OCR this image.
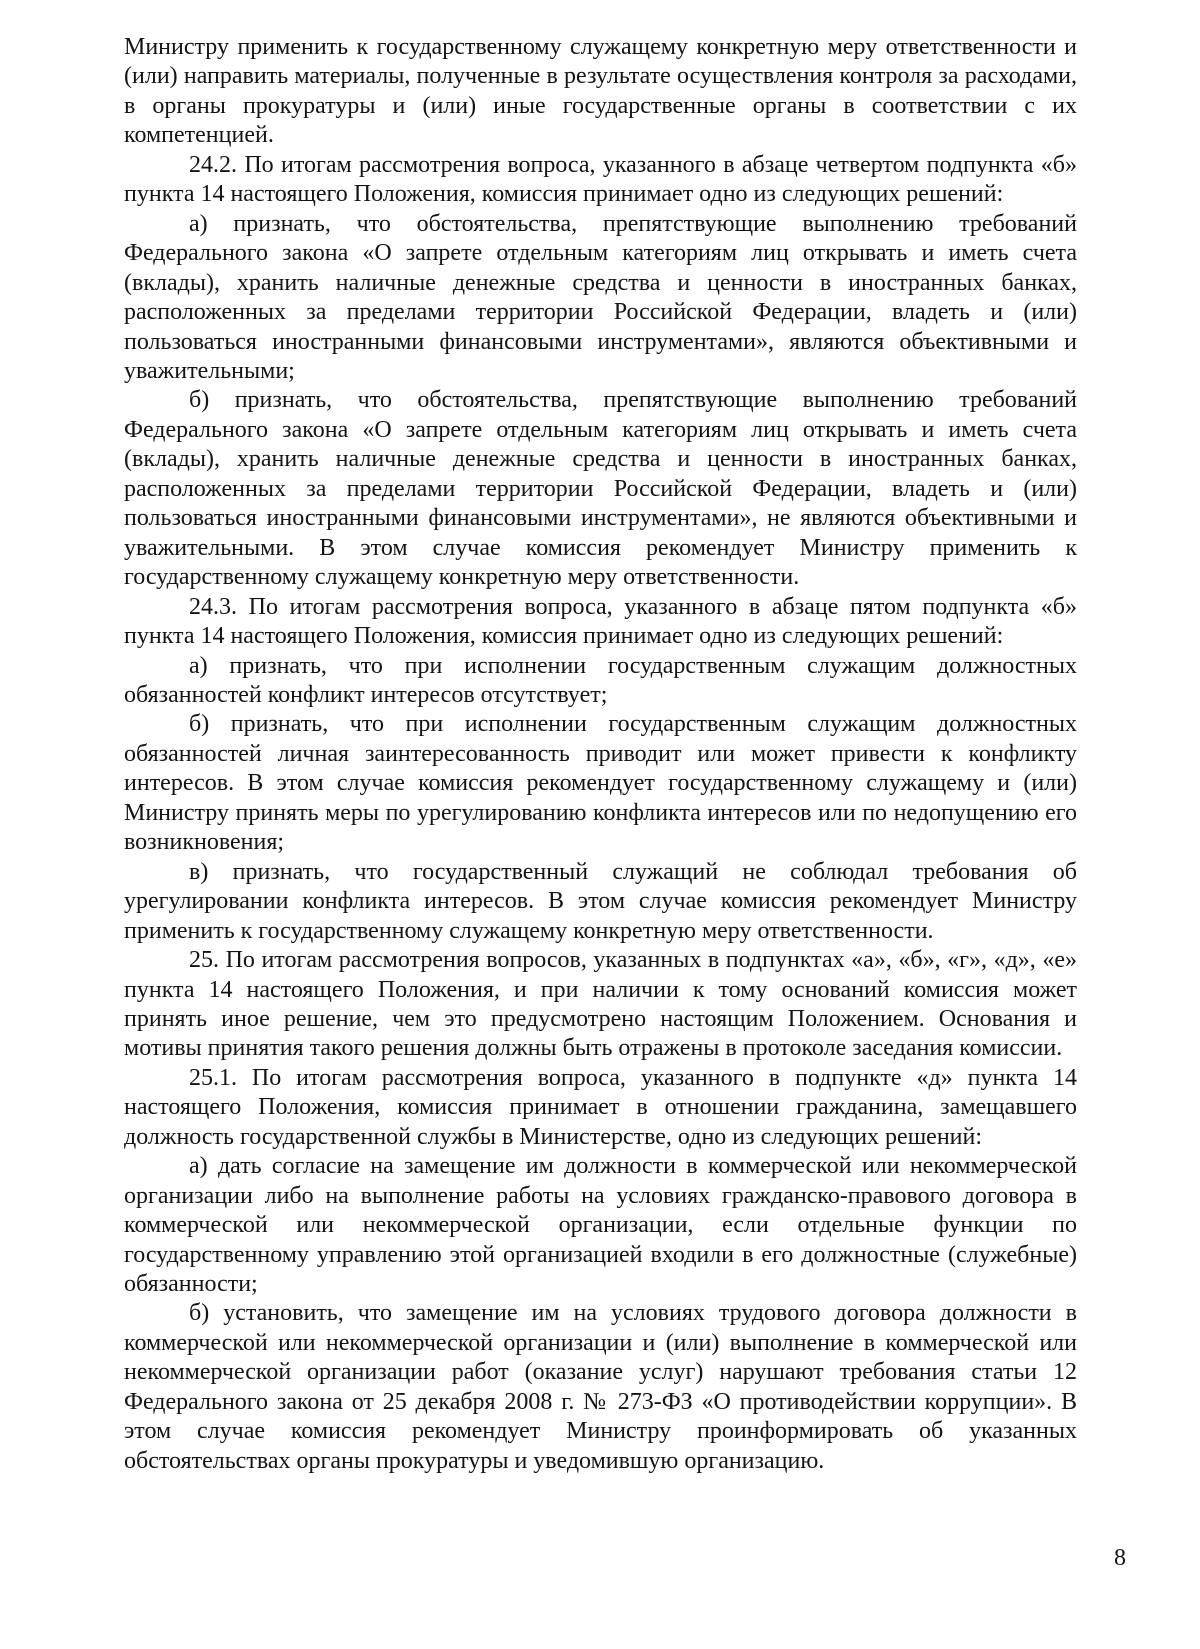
Министру применить к государственному служащему конкретную меру ответственности и (или) направить материалы, полученные в результате осуществления контроля за расходами, в органы прокуратуры и (или) иные государственные органы в соответствии с их компетенцией.

24.2. По итогам рассмотрения вопроса, указанного в абзаце четвертом подпункта «б» пункта 14 настоящего Положения, комиссия принимает одно из следующих решений:

а) признать, что обстоятельства, препятствующие выполнению требований Федерального закона «О запрете отдельным категориям лиц открывать и иметь счета (вклады), хранить наличные денежные средства и ценности в иностранных банках, расположенных за пределами территории Российской Федерации, владеть и (или) пользоваться иностранными финансовыми инструментами», являются объективными и уважительными;

б) признать, что обстоятельства, препятствующие выполнению требований Федерального закона «О запрете отдельным категориям лиц открывать и иметь счета (вклады), хранить наличные денежные средства и ценности в иностранных банках, расположенных за пределами территории Российской Федерации, владеть и (или) пользоваться иностранными финансовыми инструментами», не являются объективными и уважительными. В этом случае комиссия рекомендует Министру применить к государственному служащему конкретную меру ответственности.

24.3. По итогам рассмотрения вопроса, указанного в абзаце пятом подпункта «б» пункта 14 настоящего Положения, комиссия принимает одно из следующих решений:

а) признать, что при исполнении государственным служащим должностных обязанностей конфликт интересов отсутствует;

б) признать, что при исполнении государственным служащим должностных обязанностей личная заинтересованность приводит или может привести к конфликту интересов. В этом случае комиссия рекомендует государственному служащему и (или) Министру принять меры по урегулированию конфликта интересов или по недопущению его возникновения;

в) признать, что государственный служащий не соблюдал требования об урегулировании конфликта интересов. В этом случае комиссия рекомендует Министру применить к государственному служащему конкретную меру ответственности.

25. По итогам рассмотрения вопросов, указанных в подпунктах «а», «б», «г», «д», «е» пункта 14 настоящего Положения, и при наличии к тому оснований комиссия может принять иное решение, чем это предусмотрено настоящим Положением. Основания и мотивы принятия такого решения должны быть отражены в протоколе заседания комиссии.

25.1. По итогам рассмотрения вопроса, указанного в подпункте «д» пункта 14 настоящего Положения, комиссия принимает в отношении гражданина, замещавшего должность государственной службы в Министерстве, одно из следующих решений:

а) дать согласие на замещение им должности в коммерческой или некоммерческой организации либо на выполнение работы на условиях гражданско-правового договора в коммерческой или некоммерческой организации, если отдельные функции по государственному управлению этой организацией входили в его должностные (служебные) обязанности;

б) установить, что замещение им на условиях трудового договора должности в коммерческой или некоммерческой организации и (или) выполнение в коммерческой или некоммерческой организации работ (оказание услуг) нарушают требования статьи 12 Федерального закона от 25 декабря 2008 г. № 273-ФЗ «О противодействии коррупции». В этом случае комиссия рекомендует Министру проинформировать об указанных обстоятельствах органы прокуратуры и уведомившую организацию.

8
